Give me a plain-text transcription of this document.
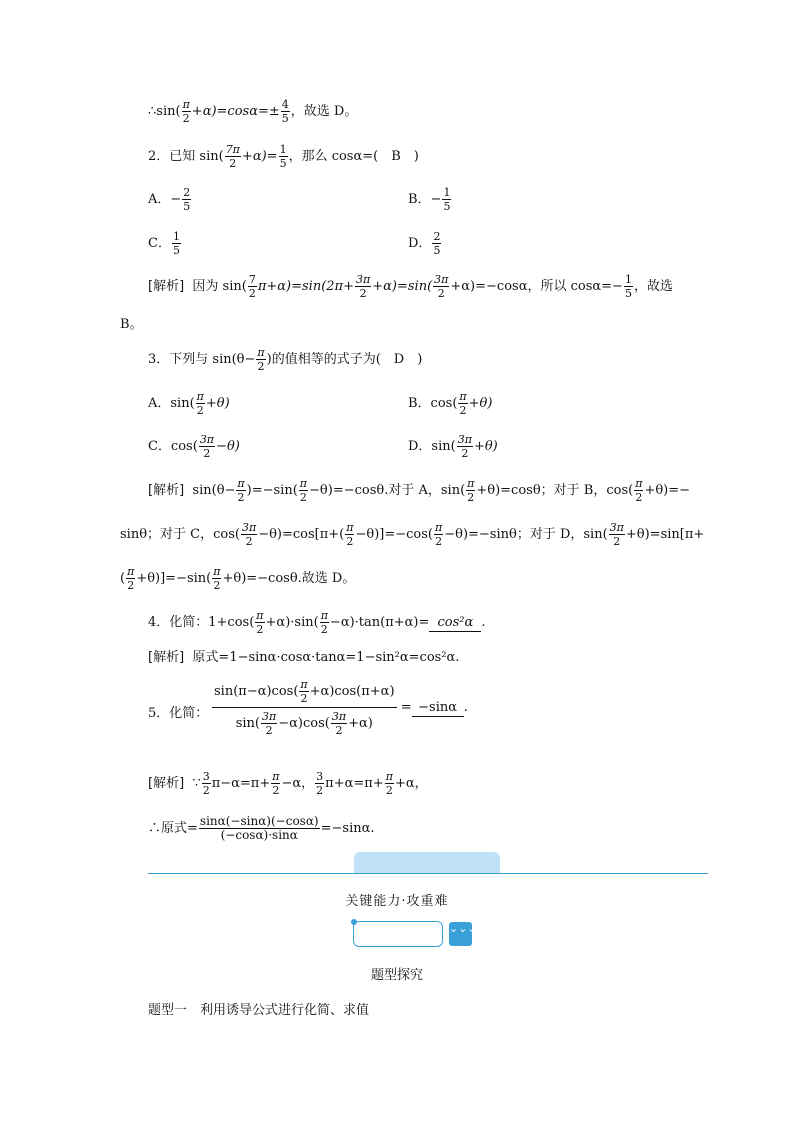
∴sin( $\frac{\pi}{2} +\alpha)=\cos\alpha=\pm \frac{4}{5}$ ，故选 D。
2．已知 $\sin( \frac{7\pi}{2} +\alpha)= \frac{1}{5}$ ，那么 cosα=(　B　)
A．− $\frac{2}{5}$	B．− $\frac{1}{5}$
C． $\frac{1}{5}$	D． $\frac{2}{5}$
[解析] 因为 $\sin( \frac{7}{2} \pi+\alpha)=\sin(2\pi+ \frac{3\pi}{2} +\alpha)=\sin( \frac{3\pi}{2} +\alpha)=-\cos\alpha$，所以 $\cos\alpha=- \frac{1}{5}$ ，故选
B。
3．下列与 $\sin(\theta- \frac{\pi}{2}$ )的值相等的式子为(　D　)
A．$\sin( \frac{\pi}{2} +\theta)$	B．$\cos( \frac{\pi}{2} +\theta)$
C．$\cos( \frac{3\pi}{2} -\theta)$	D．$\sin( \frac{3\pi}{2} +\theta)$
[解析] $\sin(\theta- \frac{\pi}{2} )=-\sin( \frac{\pi}{2} -\theta)=-\cos\theta$.对于 A，$\sin( \frac{\pi}{2} +\theta)=\cos\theta$；对于 B，$\cos( \frac{\pi}{2} +\theta)=-$
sinθ；对于 C，$\cos( \frac{3\pi}{2} -\theta)=\cos[\pi+( \frac{\pi}{2} -\theta)]=-\cos( \frac{\pi}{2} -\theta)=-\sin\theta$；对于 D，$\sin( \frac{3\pi}{2} +\theta)=\sin[\pi+$
( $\frac{\pi}{2} +\theta)]=-\sin( \frac{\pi}{2} +\theta)=-\cos\theta$.故选 D。
4．化简：$1+\cos( \frac{\pi}{2} +\alpha)\cdot\sin( \frac{\pi}{2} -\alpha)\cdot\tan(\pi+\alpha)= \cos^2\alpha$ .
[解析] 原式=1−sinα·cosα·tanα=1−sin²α=cos²α.
5．化简： $\frac{\sin(\pi-\alpha)\cos( \frac{\pi}{2} +\alpha)\cos(\pi+\alpha)}{\sin( \frac{3\pi}{2} -\alpha)\cos( \frac{3\pi}{2} +\alpha)} = -\sin\alpha$ .
[解析] ∵ $\frac{3}{2} \pi-\alpha=\pi+ \frac{\pi}{2} -\alpha$， $\frac{3}{2} \pi+\alpha=\pi+ \frac{\pi}{2} +\alpha$，
∴原式= $\frac{\sin\alpha(-\sin\alpha)(-\cos\alpha)}{(-\cos\alpha)\cdot\sin\alpha} =-\sin\alpha$.
关键能力·攻重难
⌄⌄⌄
题型探究
题型一　利用诱导公式进行化简、求值
